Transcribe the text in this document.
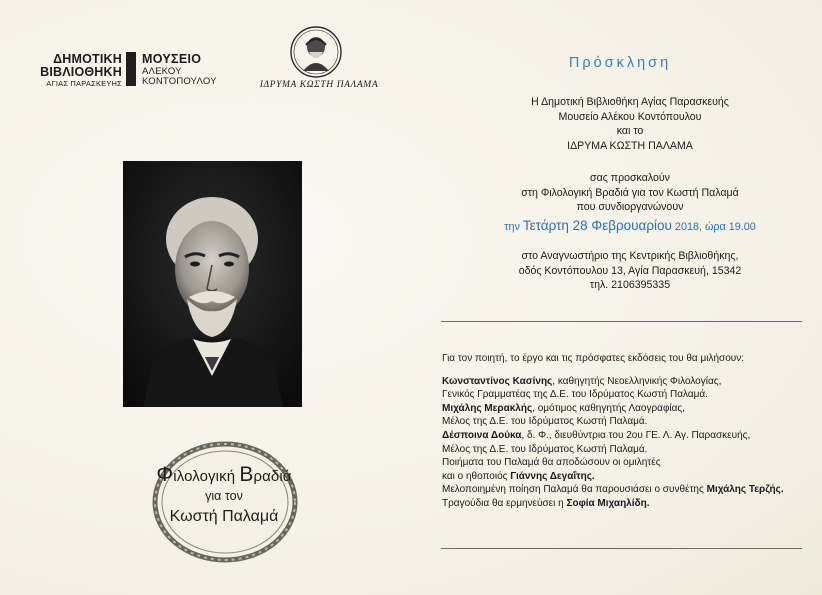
ΔΗΜΟΤΙΚΗ
ΒΙΒΛΙΟΘΗΚΗ
ΑΓΙΑΣ ΠΑΡΑΣΚΕΥΗΣ
ΜΟΥΣΕΙΟ
ΑΛΕΚΟΥ
ΚΟΝΤΟΠΟΥΛΟΥ	ΙΔΡΥΜΑ ΚΩΣΤΗ ΠΑΛΑΜΑ
Φιλολογική Βραδιά
για τον
Κωστή Παλαμά
Πρόσκληση
Η Δημοτική Βιβλιοθήκη Αγίας Παρασκευής
Μουσείο Αλέκου Κοντόπουλου
και το
ΙΔΡΥΜΑ ΚΩΣΤΗ ΠΑΛΑΜΑ
σας προσκαλούν
στη Φιλολογική Βραδιά για τον Κωστή Παλαμά
που συνδιοργανώνουν
την Τετάρτη 28 Φεβρουαρίου 2018, ώρα 19.00
στο Αναγνωστήριο της Κεντρικής Βιβλιοθήκης,
οδός Κοντόπουλου 13, Αγία Παρασκευή, 15342
τηλ. 2106395335

Για τον ποιητή, το έργο και τις πρόσφατες εκδόσεις του θα μιλήσουν:

Κωνσταντίνος Κασίνης, καθηγητής Νεοελληνικής Φιλολογίας,
Γενικός Γραμματέας της Δ.Ε. του Ιδρύματος Κωστή Παλαμά.

Μιχάλης Μερακλής, ομότιμος καθηγητής Λαογραφίας,
Μέλος της Δ.Ε. του Ιδρύματος Κωστή Παλαμά.

Δέσποινα Δούκα, δ. Φ., διευθύντρια του 2ου ΓΕ. Λ. Αγ. Παρασκευής,
Μέλος της Δ.Ε. του Ιδρύματος Κωστή Παλαμά.

Ποιήματα του Παλαμά θα αποδώσουν οι ομιλητές
και ο ηθοποιός Γιάννης Δεγαΐτης.
Μελοποιημένη ποίηση Παλαμά θα παρουσιάσει ο συνθέτης Μιχάλης Τερζής.
Τραγούδια θα ερμηνεύσει η Σοφία Μιχαηλίδη.
